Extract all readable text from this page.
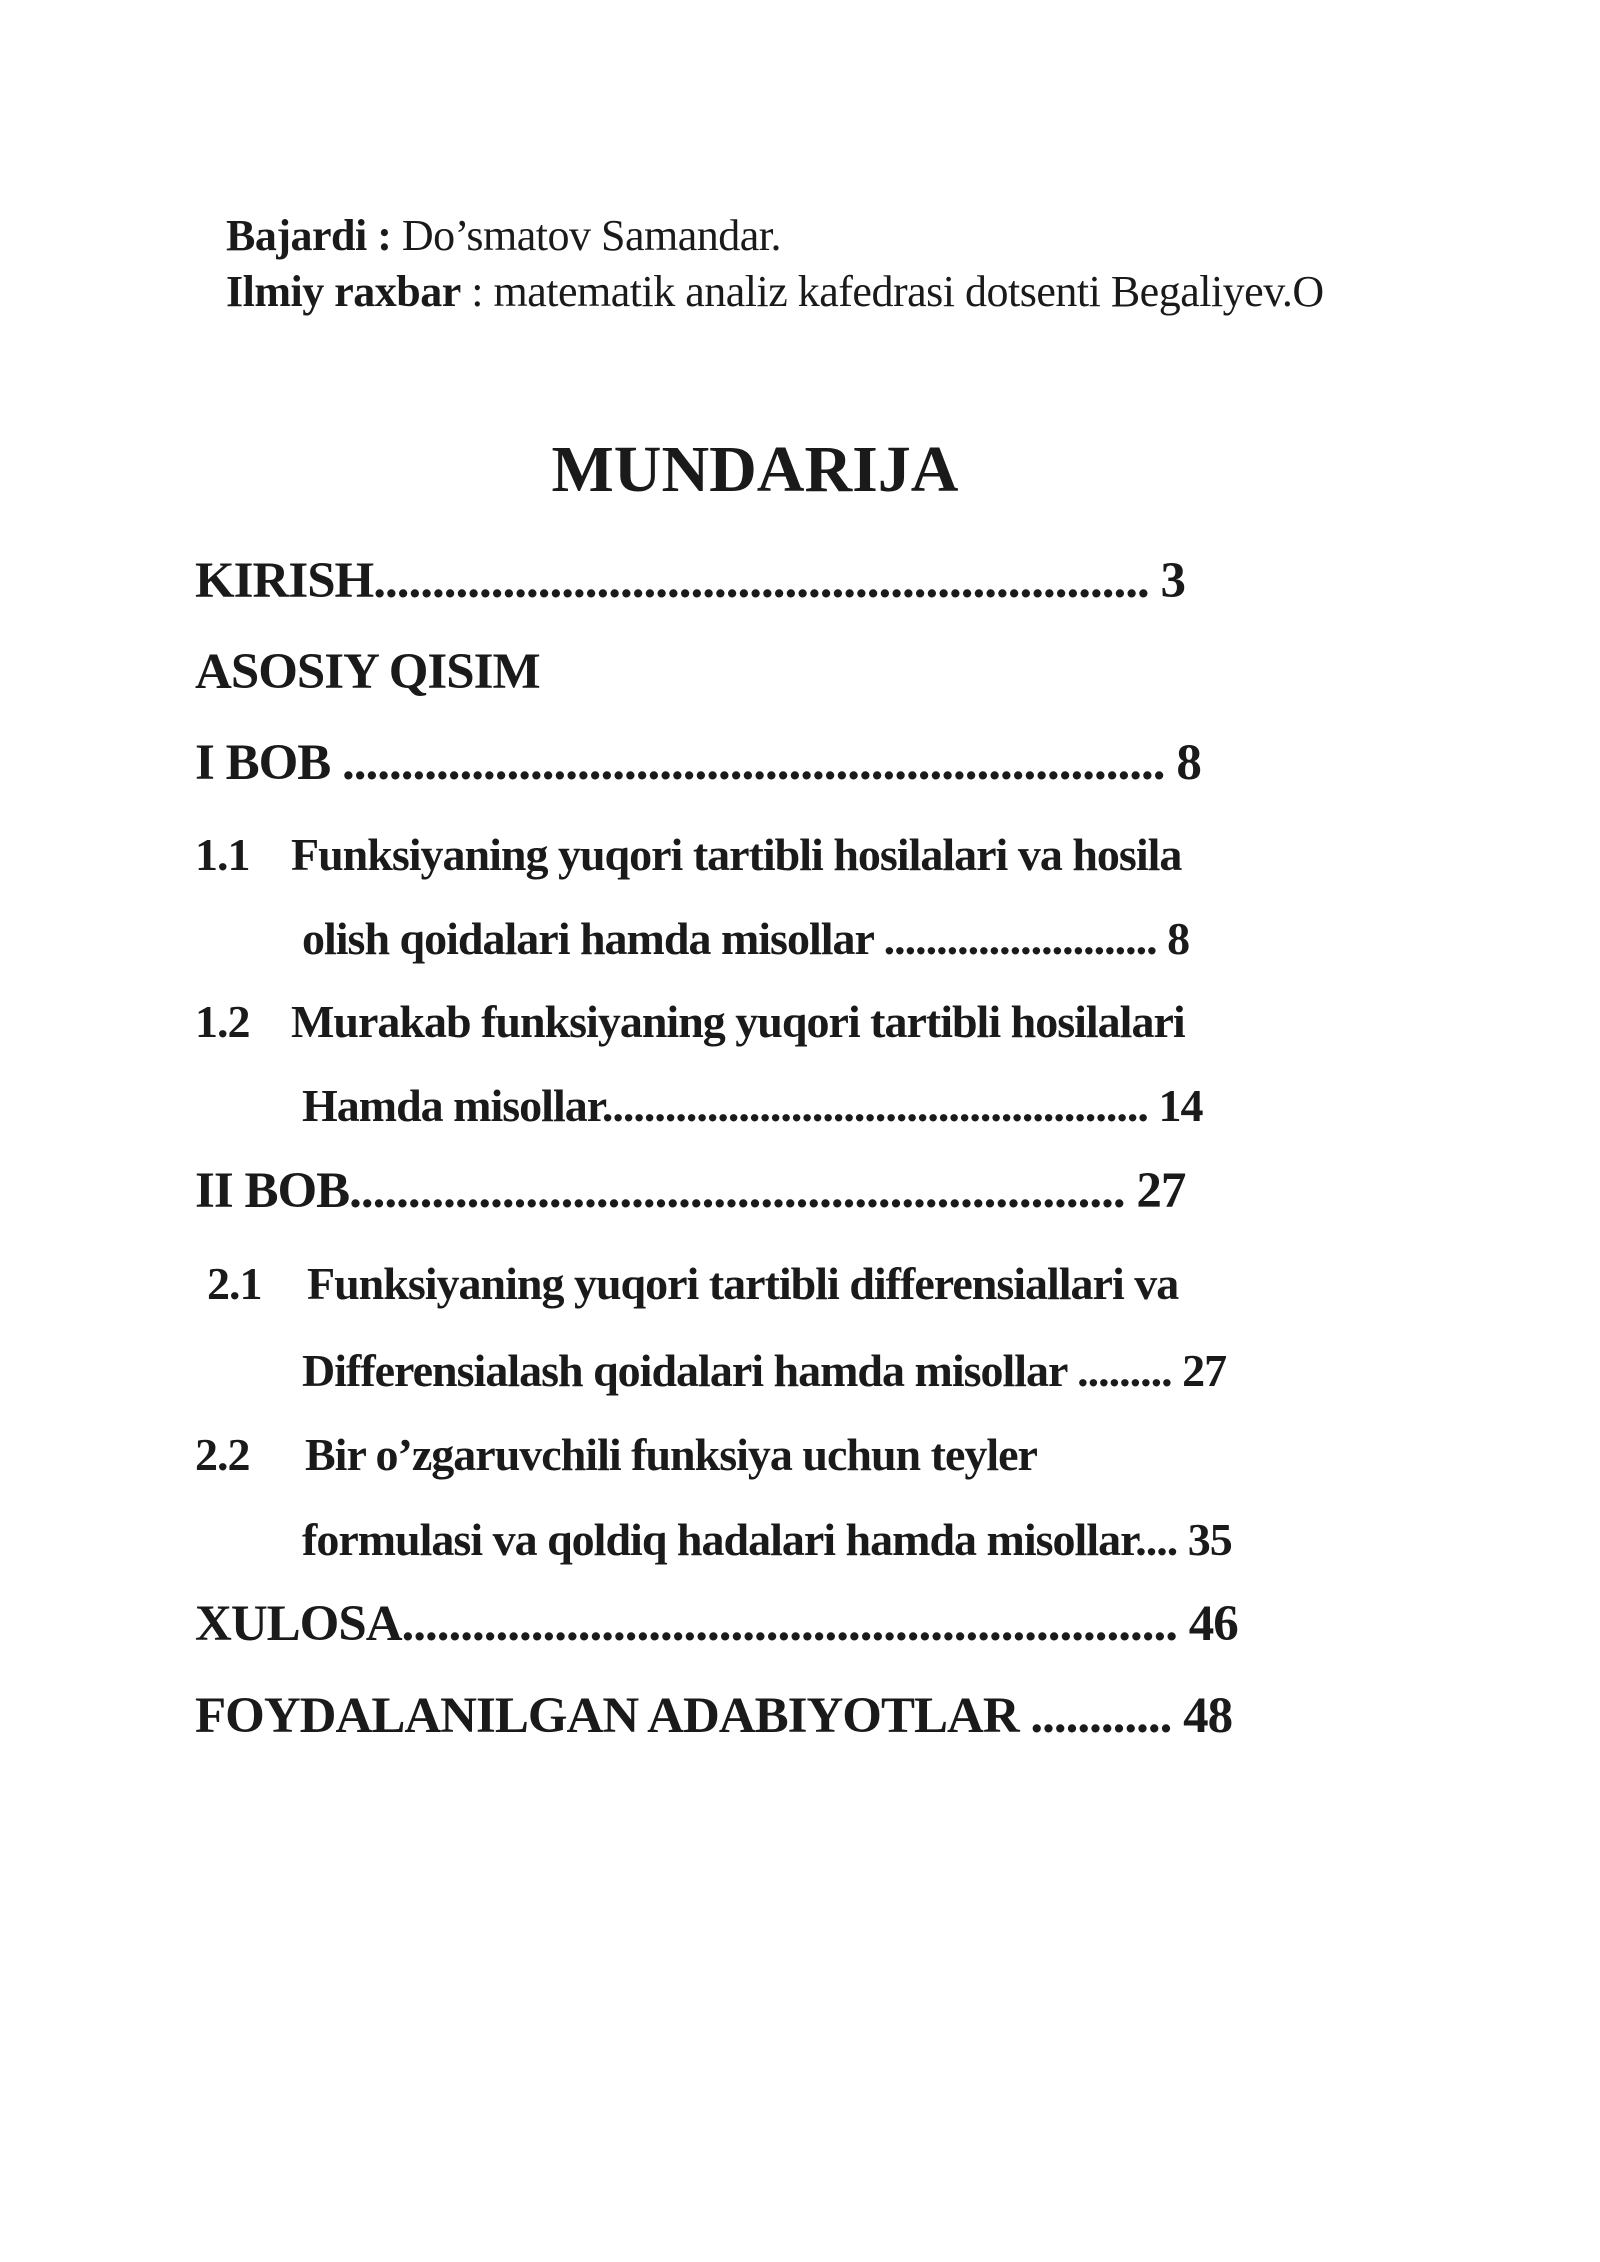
Bajardi : Do’smatov Samandar.
Ilmiy raxbar : matematik analiz kafedrasi dotsenti Begaliyev.O
MUNDARIJA
KIRISH.................................................................. 3
ASOSIY QISIM
I BOB ...................................................................... 8
1.1 Funksiyaning yuqori tartibli hosilalari va hosila
olish qoidalari hamda misollar .......................... 8
1.2 Murakab funksiyaning yuqori tartibli hosilalari
Hamda misollar.................................................... 14
II BOB.................................................................. 27
2.1 Funksiyaning yuqori tartibli differensiallari va
Differensialash qoidalari hamda misollar ......... 27
2.2 Bir o’zgaruvchili funksiya uchun teyler
formulasi va qoldiq hadalari hamda misollar.... 35
XULOSA.................................................................. 46
FOYDALANILGAN ADABIYOTLAR ............ 48
